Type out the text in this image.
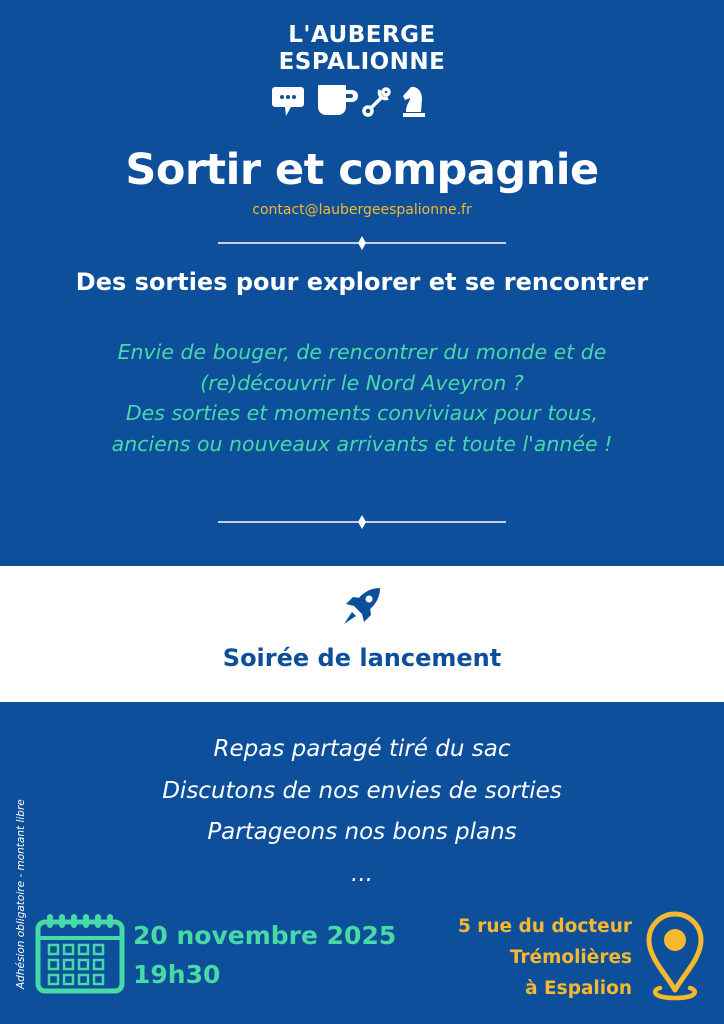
L'AUBERGE
ESPALIONNE
Sortir et compagnie
contact@laubergeespalionne.fr
Des sorties pour explorer et se rencontrer
Envie de bouger, de rencontrer du monde et de
(re)découvrir le Nord Aveyron ?
Des sorties et moments conviviaux pour tous,
anciens ou nouveaux arrivants et toute l'année !
Soirée de lancement
Repas partagé tiré du sac
Discutons de nos envies de sorties
Partageons nos bons plans
...
Adhésion obligatoire - montant libre	20 novembre 2025
19h30
5 rue du docteur
Trémolières
à Espalion
